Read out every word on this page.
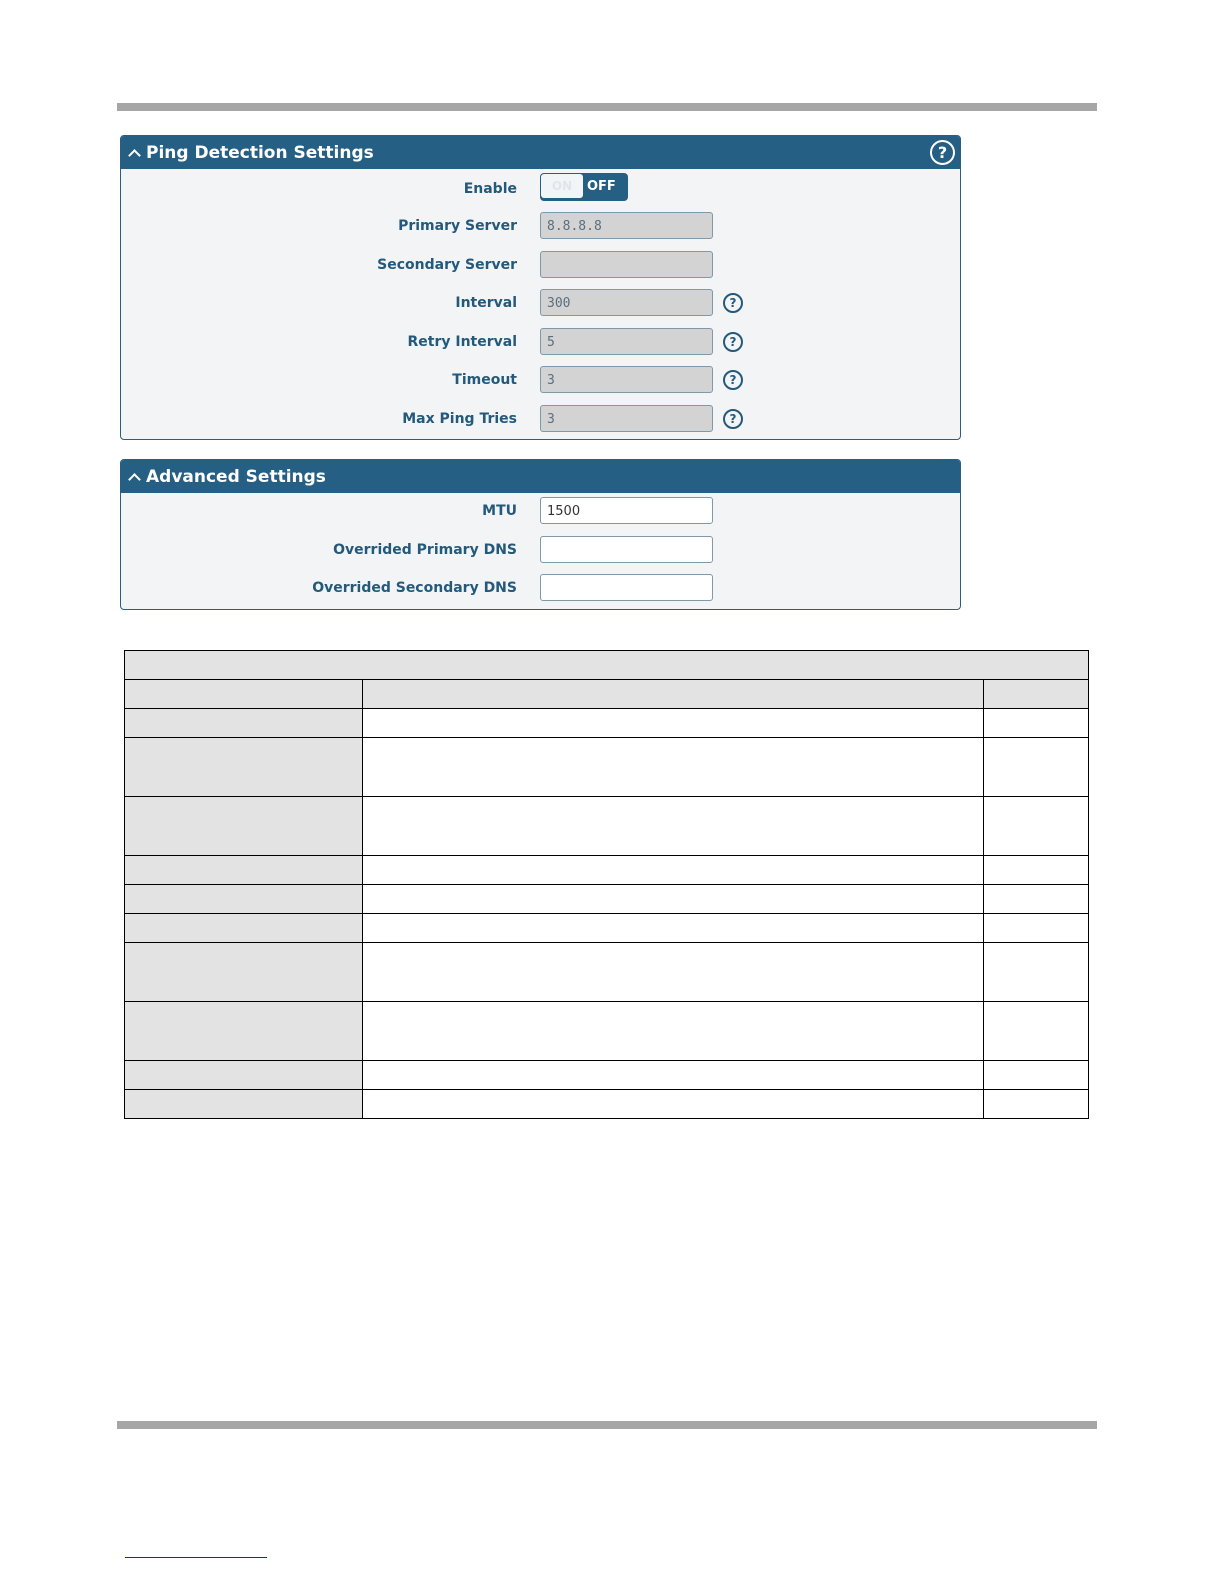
Ping Detection Settings	?
Enable	ON	OFF
Primary Server	8.8.8.8
Secondary Server
Interval	300	?
Retry Interval	5	?
Timeout	3	?
Max Ping Tries	3	?
Advanced Settings
MTU	1500
Overrided Primary DNS
Overrided Secondary DNS
